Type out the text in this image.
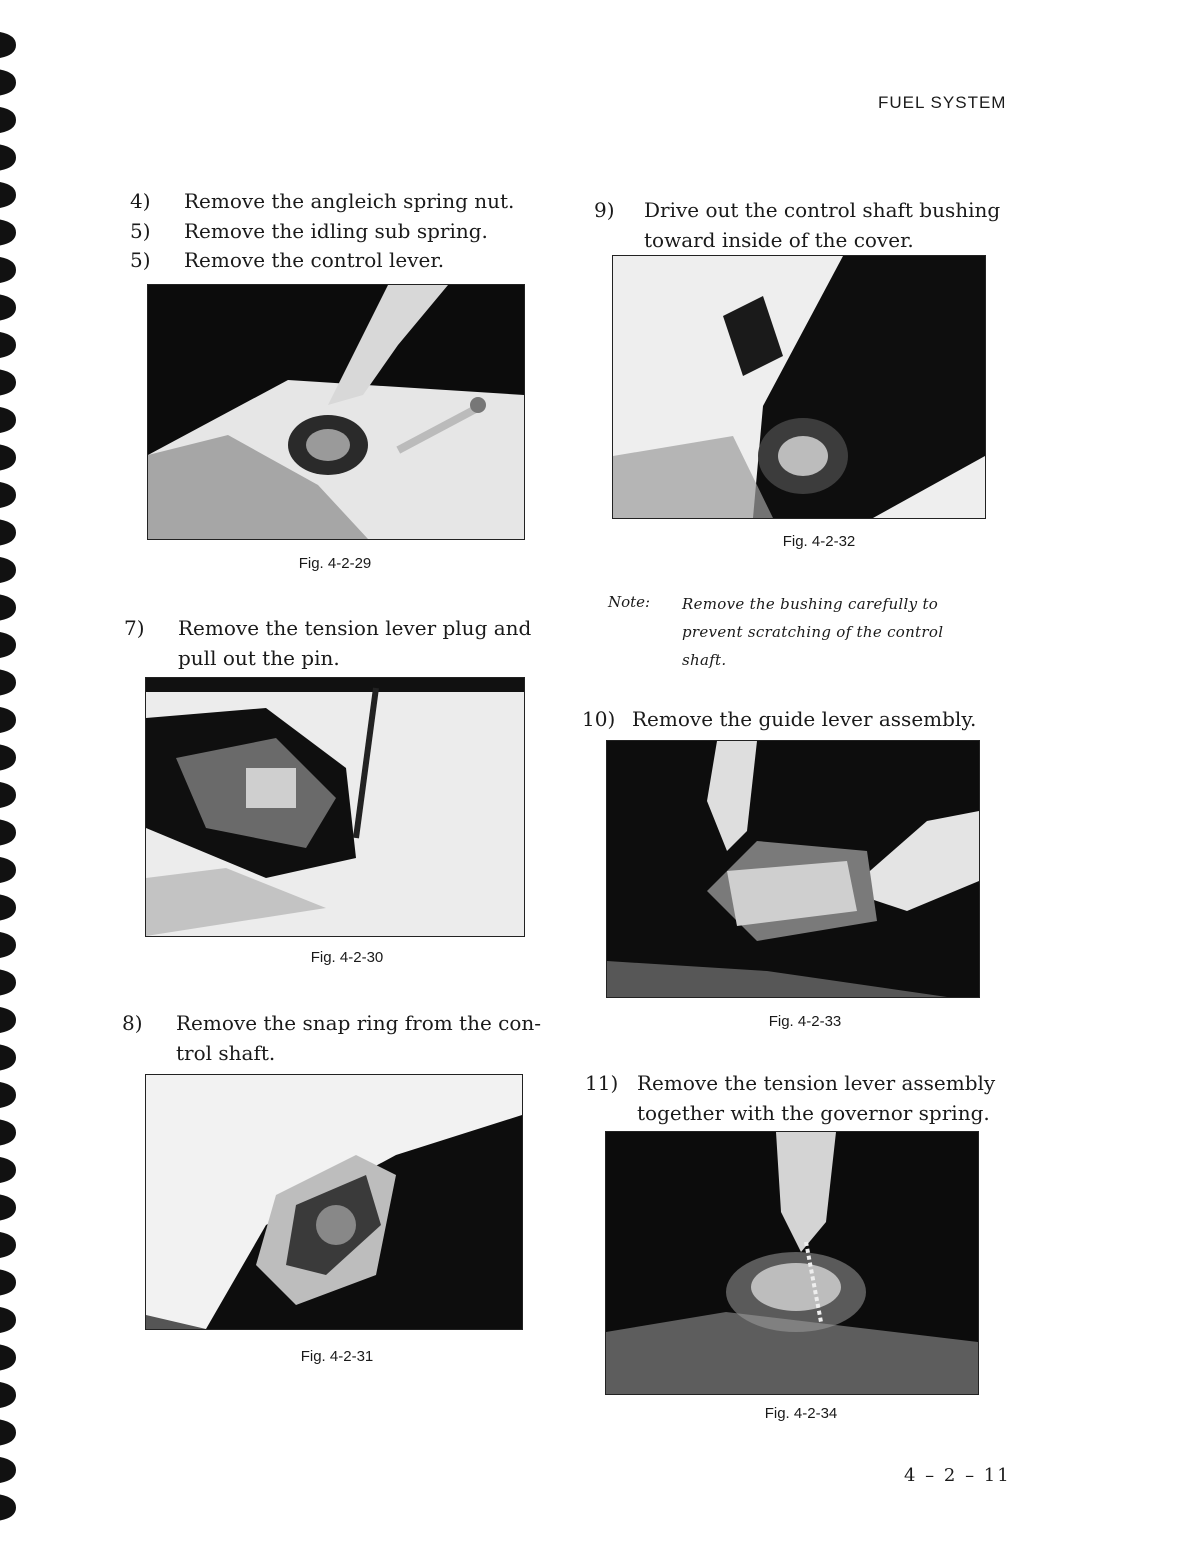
FUEL SYSTEM
4) Remove the angleich spring nut.
5) Remove the idling sub spring.
5) Remove the control lever.
Fig. 4-2-29
7) Remove the tension lever plug and
pull out the pin.
Fig. 4-2-30
8) Remove the snap ring from the con-
trol shaft.
Fig. 4-2-31
9) Drive out the control shaft bushing
toward inside of the cover.
Fig. 4-2-32
Note: Remove the bushing carefully to
prevent scratching of the control
shaft.
10) Remove the guide lever assembly.
Fig. 4-2-33
11) Remove the tension lever assembly
together with the governor spring.
Fig. 4-2-34
4 – 2 – 11
